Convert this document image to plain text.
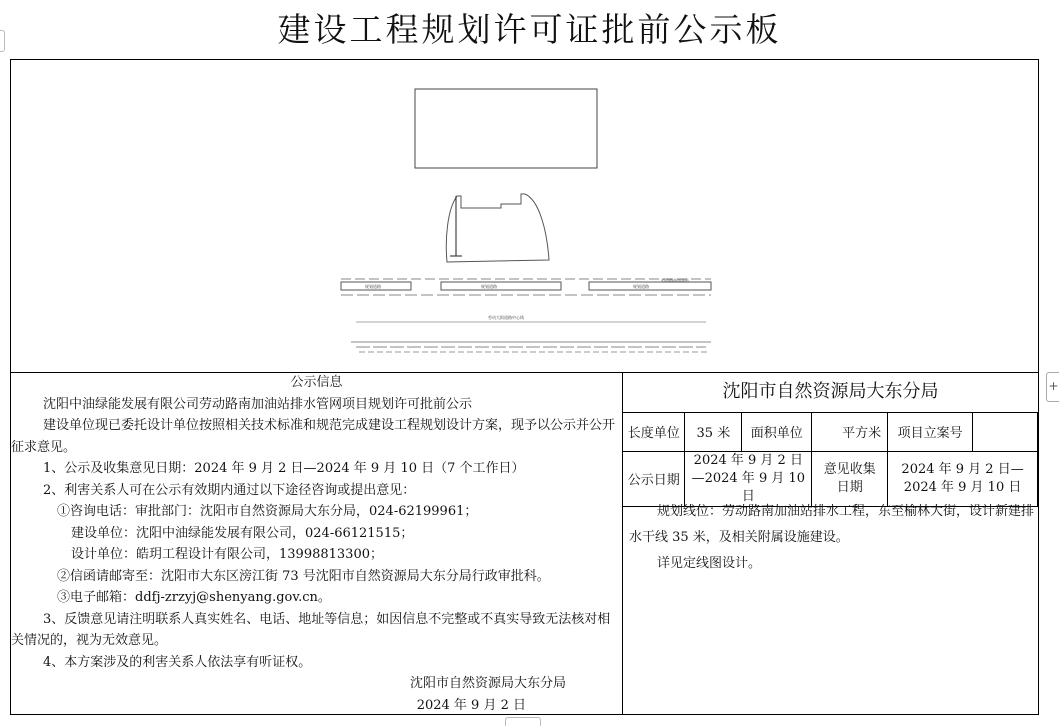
建设工程规划许可证批前公示板
规划道路	规划道路	规划道路
劳动路南加油站
劳动大街道路中心线

公示信息

沈阳中油绿能发展有限公司劳动路南加油站排水管网项目规划许可批前公示

建设单位现已委托设计单位按照相关技术标准和规范完成建设工程规划设计方案，现予以公示并公开征求意见。

1、公示及收集意见日期：2024 年 9 月 2 日—2024 年 9 月 10 日（7 个工作日）

2、利害关系人可在公示有效期内通过以下途径咨询或提出意见：

①咨询电话：审批部门：沈阳市自然资源局大东分局，024-62199961；

建设单位：沈阳中油绿能发展有限公司，024-66121515；

设计单位：皓玥工程设计有限公司，13998813300；

②信函请邮寄至：沈阳市大东区滂江街 73 号沈阳市自然资源局大东分局行政审批科。

③电子邮箱：ddfj-zrzyj@shenyang.gov.cn。

3、反馈意见请注明联系人真实姓名、电话、地址等信息；如因信息不完整或不真实导致无法核对相关情况的，视为无效意见。

4、本方案涉及的利害关系人依法享有听证权。

沈阳市自然资源局大东分局

2024 年 9 月 2 日

沈阳市自然资源局大东分局
长度单位	35 米	面积单位	平方米	项目立案号	
公示日期	2024 年 9 月 2 日—2024 年 9 月 10 日		意见收集日期	2024 年 9 月 2 日—2024 年 9 月 10 日	

规划线位：劳动路南加油站排水工程，东至榆林大街，设计新建排水干线 35 米，及相关附属设施建设。

详见定线图设计。

+
